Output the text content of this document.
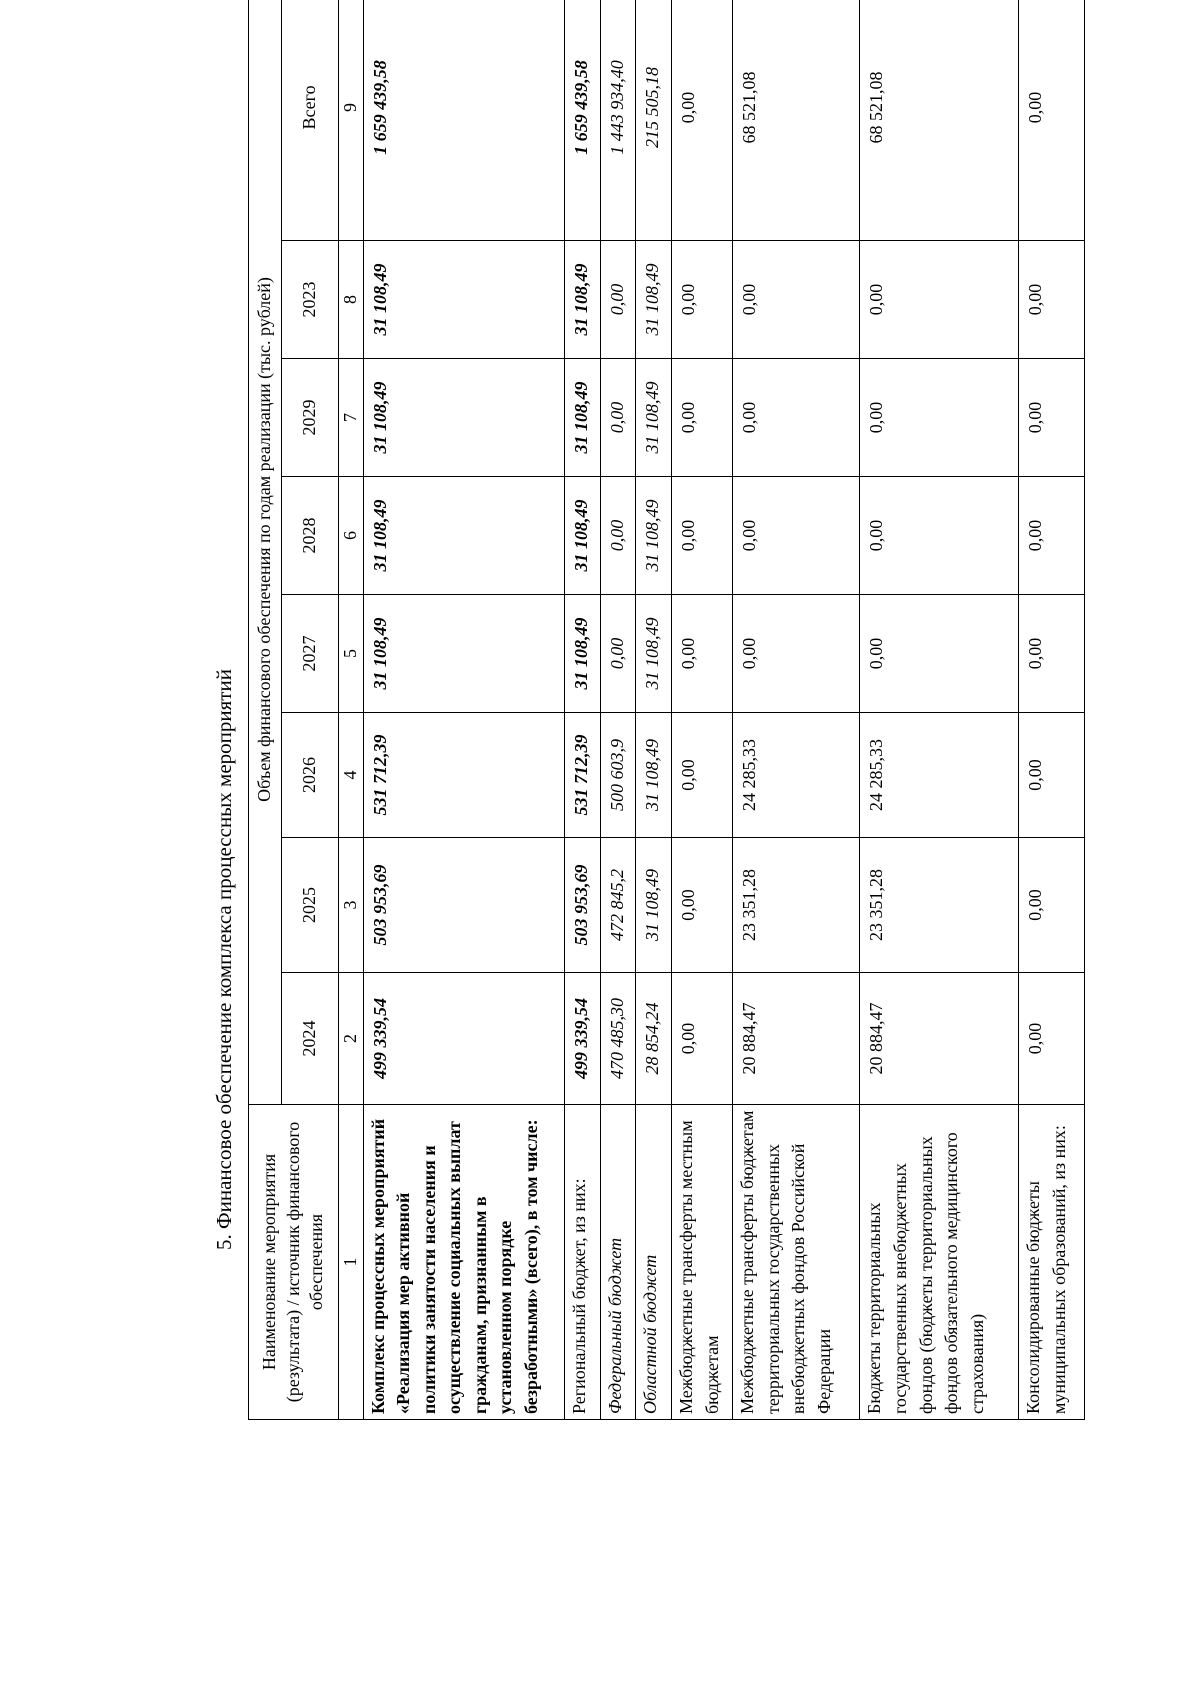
5. Финансовое обеспечение комплекса процессных мероприятий
Наименование мероприятия (результата) / источник финансового обеспечения	Объем финансового обеспечения по годам реализации (тыс. рублей)							
	2024	2025	2026	2027	2028	2029	2023	Всего
1	2	3	4	5	6	7	8	9
Комплекс процессных мероприятий «Реализация мер активной политики занятости населения и осуществление социальных выплат гражданам, признанным в установленном порядке безработными» (всего), в том числе:	499 339,54	503 953,69	531 712,39	31 108,49	31 108,49	31 108,49	31 108,49	1 659 439,58
Региональный бюджет, из них:	499 339,54	503 953,69	531 712,39	31 108,49	31 108,49	31 108,49	31 108,49	1 659 439,58
Федеральный бюджет	470 485,30	472 845,2	500 603,9	0,00	0,00	0,00	0,00	1 443 934,40
Областной бюджет	28 854,24	31 108,49	31 108,49	31 108,49	31 108,49	31 108,49	31 108,49	215 505,18
Межбюджетные трансферты местным бюджетам	0,00	0,00	0,00	0,00	0,00	0,00	0,00	0,00
Межбюджетные трансферты бюджетам территориальных государственных внебюджетных фондов Российской Федерации	20 884,47	23 351,28	24 285,33	0,00	0,00	0,00	0,00	68 521,08
Бюджеты территориальных государственных внебюджетных фондов (бюджеты территориальных фондов обязательного медицинского страхования)	20 884,47	23 351,28	24 285,33	0,00	0,00	0,00	0,00	68 521,08
Консолидированные бюджеты муниципальных образований, из них:	0,00	0,00	0,00	0,00	0,00	0,00	0,00	0,00
